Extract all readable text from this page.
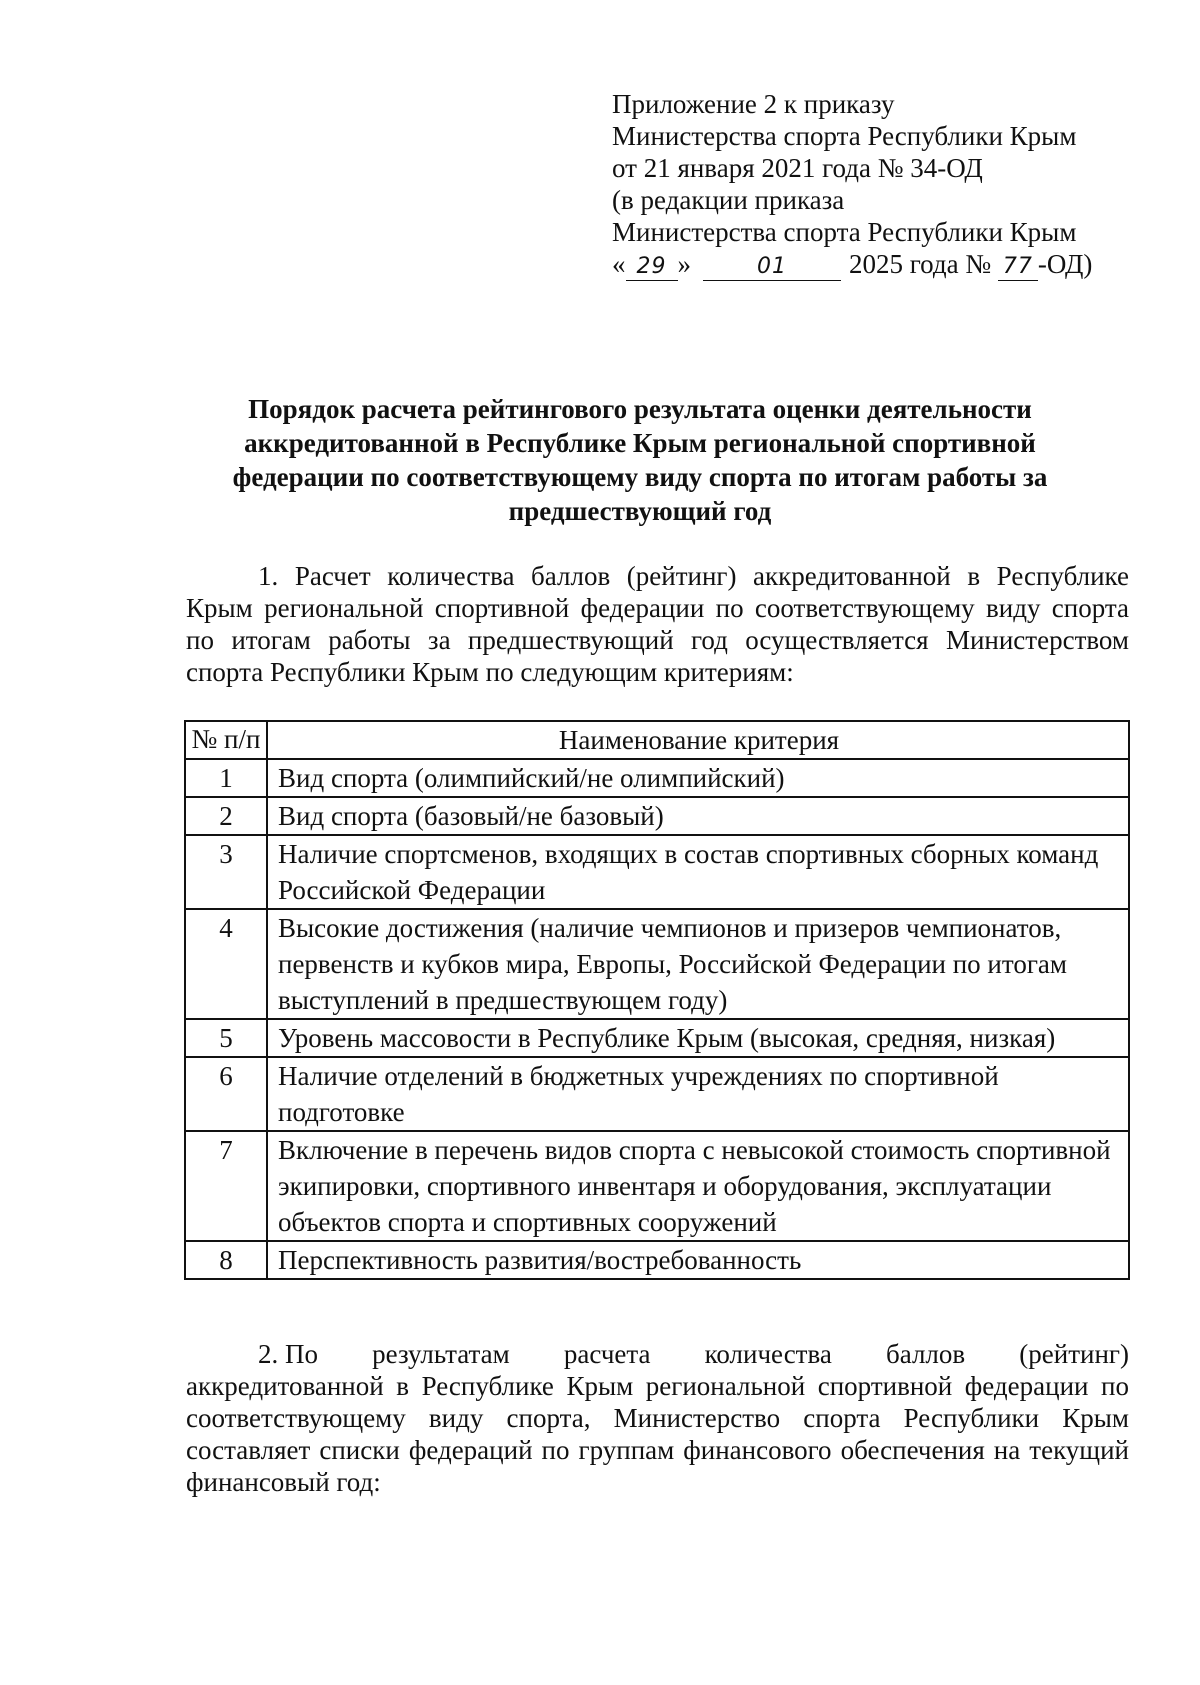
Приложение 2 к приказу
Министерства спорта Республики Крым
от 21 января 2021 года № 34-ОД
(в редакции приказа
Министерства спорта Республики Крым
« 29 »	01 2025 года № 77 -ОД)
Порядок расчета рейтингового результата оценки деятельности аккредитованной в Республике Крым региональной спортивной федерации по соответствующему виду спорта по итогам работы за предшествующий год
1. Расчет количества баллов (рейтинг) аккредитованной в Республике Крым региональной спортивной федерации по соответствующему виду спорта по итогам работы за предшествующий год осуществляется Министерством спорта Республики Крым по следующим критериям:
№ п/п	Наименование критерия
1	Вид спорта (олимпийский/не олимпийский)
2	Вид спорта (базовый/не базовый)
3	Наличие спортсменов, входящих в состав спортивных сборных команд Российской Федерации
4	Высокие достижения (наличие чемпионов и призеров чемпионатов, первенств и кубков мира, Европы, Российской Федерации по итогам выступлений в предшествующем году)
5	Уровень массовости в Республике Крым (высокая, средняя, низкая)
6	Наличие отделений в бюджетных учреждениях по спортивной подготовке
7	Включение в перечень видов спорта с невысокой стоимость спортивной экипировки, спортивного инвентаря и оборудования, эксплуатации объектов спорта и спортивных сооружений
8	Перспективность развития/востребованность
2. По результатам расчета количества баллов (рейтинг)
аккредитованной в Республике Крым региональной спортивной федерации по соответствующему виду спорта, Министерство спорта Республики Крым составляет списки федераций по группам финансового обеспечения на текущий финансовый год:
